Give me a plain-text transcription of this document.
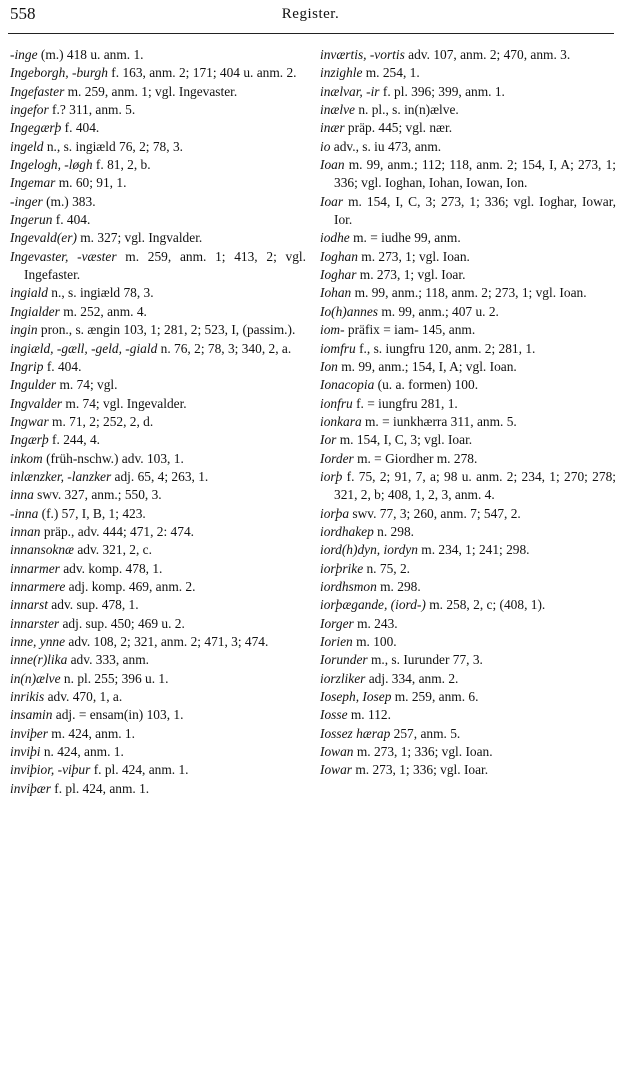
558	Register.

-inge (m.) 418 u. anm. 1.

Ingeborgh, -burgh f. 163, anm. 2; 171; 404 u. anm. 2.

Ingefaster m. 259, anm. 1; vgl. Ingevaster.

ingefor f.? 311, anm. 5.

Ingegærþ f. 404.

ingeld n., s. ingiæld 76, 2; 78, 3.

Ingelogh, -løgh f. 81, 2, b.

Ingemar m. 60; 91, 1.

-inger (m.) 383.

Ingerun f. 404.

Ingevald(er) m. 327; vgl. Ingvalder.

Ingevaster, -væster m. 259, anm. 1; 413, 2; vgl. Ingefaster.

ingiald n., s. ingiæld 78, 3.

Ingialder m. 252, anm. 4.

ingin pron., s. ængin 103, 1; 281, 2; 523, I, (passim.).

ingiæld, -gæll, -geld, -giald n. 76, 2; 78, 3; 340, 2, a.

Ingrip f. 404.

Ingulder m. 74; vgl.

Ingvalder m. 74; vgl. Ingevalder.

Ingwar m. 71, 2; 252, 2, d.

Ingærþ f. 244, 4.

inkom (früh-nschw.) adv. 103, 1.

inlænzker, -lanzker adj. 65, 4; 263, 1.

inna swv. 327, anm.; 550, 3.

-inna (f.) 57, I, B, 1; 423.

innan präp., adv. 444; 471, 2: 474.

innansoknæ adv. 321, 2, c.

innarmer adv. komp. 478, 1.

innarmere adj. komp. 469, anm. 2.

innarst adv. sup. 478, 1.

innarster adj. sup. 450; 469 u. 2.

inne, ynne adv. 108, 2; 321, anm. 2; 471, 3; 474.

inne(r)lika adv. 333, anm.

in(n)ælve n. pl. 255; 396 u. 1.

inrikis adv. 470, 1, a.

insamin adj. = ensam(in) 103, 1.

inviþer m. 424, anm. 1.

inviþi n. 424, anm. 1.

inviþior, -viþur f. pl. 424, anm. 1.

inviþær f. pl. 424, anm. 1.

inværtis, -vortis adv. 107, anm. 2; 470, anm. 3.

inzighle m. 254, 1.

inælvar, -ir f. pl. 396; 399, anm. 1.

inælve n. pl., s. in(n)ælve.

inær präp. 445; vgl. nær.

io adv., s. iu 473, anm.

Ioan m. 99, anm.; 112; 118, anm. 2; 154, I, A; 273, 1; 336; vgl. Ioghan, Iohan, Iowan, Ion.

Ioar m. 154, I, C, 3; 273, 1; 336; vgl. Ioghar, Iowar, Ior.

iodhe m. = iudhe 99, anm.

Ioghan m. 273, 1; vgl. Ioan.

Ioghar m. 273, 1; vgl. Ioar.

Iohan m. 99, anm.; 118, anm. 2; 273, 1; vgl. Ioan.

Io(h)annes m. 99, anm.; 407 u. 2.

iom- präfix = iam- 145, anm.

iomfru f., s. iungfru 120, anm. 2; 281, 1.

Ion m. 99, anm.; 154, I, A; vgl. Ioan.

Ionacopia (u. a. formen) 100.

ionfru f. = iungfru 281, 1.

ionkara m. = iunkhærra 311, anm. 5.

Ior m. 154, I, C, 3; vgl. Ioar.

Iorder m. = Giordher m. 278.

iorþ f. 75, 2; 91, 7, a; 98 u. anm. 2; 234, 1; 270; 278; 321, 2, b; 408, 1, 2, 3, anm. 4.

iorþa swv. 77, 3; 260, anm. 7; 547, 2.

iordhakep n. 298.

iord(h)dyn, iordyn m. 234, 1; 241; 298.

iorþrike n. 75, 2.

iordhsmon m. 298.

iorþægande, (iord-) m. 258, 2, c; (408, 1).

Iorger m. 243.

Iorien m. 100.

Iorunder m., s. Iurunder 77, 3.

iorzliker adj. 334, anm. 2.

Ioseph, Iosep m. 259, anm. 6.

Iosse m. 112.

Iossez hærap 257, anm. 5.

Iowan m. 273, 1; 336; vgl. Ioan.

Iowar m. 273, 1; 336; vgl. Ioar.
